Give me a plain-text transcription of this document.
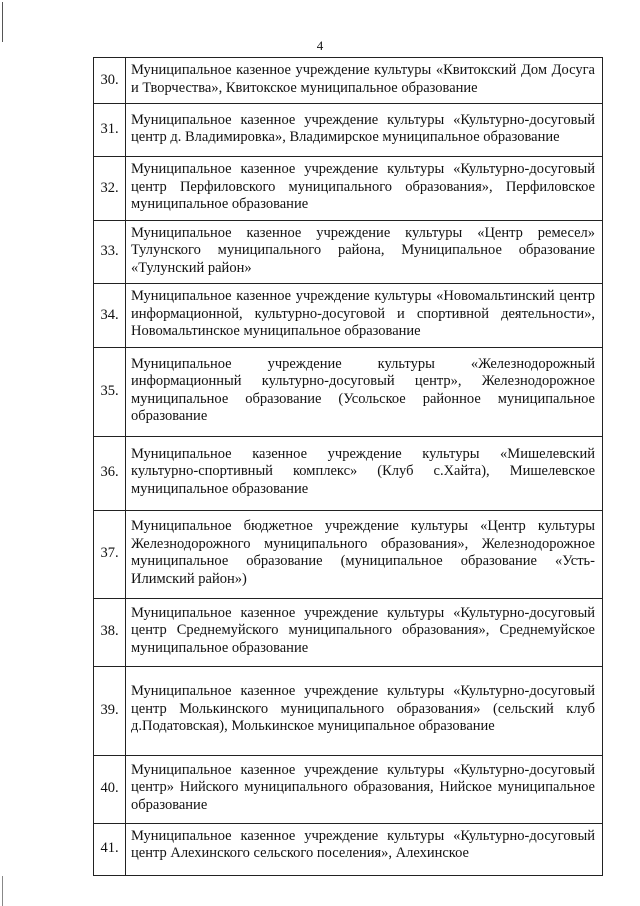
4
30.	Муниципальное казенное учреждение культуры «Квитокский Дом Досуга и Творчества», Квитокское муниципальное образование
31.	Муниципальное казенное учреждение культуры «Культурно-досуговый центр д. Владимировка», Владимирское муниципальное образование
32.	Муниципальное казенное учреждение культуры «Культурно-досуговый центр Перфиловского муниципального образования», Перфиловское муниципальное образование
33.	Муниципальное казенное учреждение культуры «Центр ремесел» Тулунского муниципального района, Муниципальное образование «Тулунский район»
34.	Муниципальное казенное учреждение культуры «Новомальтинский центр информационной, культурно-досуговой и спортивной деятельности», Новомальтинское муниципальное образование
35.	Муниципальное учреждение культуры «Железнодорожный информационный культурно-досуговый центр», Железнодорожное муниципальное образование (Усольское районное муниципальное образование
36.	Муниципальное казенное учреждение культуры «Мишелевский культурно-спортивный комплекс» (Клуб с.Хайта), Мишелевское муниципальное образование
37.	Муниципальное бюджетное учреждение культуры «Центр культуры Железнодорожного муниципального образования», Железнодорожное муниципальное образование (муниципальное образование «Усть-Илимский район»)
38.	Муниципальное казенное учреждение культуры «Культурно-досуговый центр Среднемуйского муниципального образования», Среднемуйское муниципальное образование
39.	Муниципальное казенное учреждение культуры «Культурно-досуговый центр Молькинского муниципального образования» (сельский клуб д.Податовская), Молькинское муниципальное образование
40.	Муниципальное казенное учреждение культуры «Культурно-досуговый центр» Нийского муниципального образования, Нийское муниципальное образование
41.	Муниципальное казенное учреждение культуры «Культурно-досуговый центр Алехинского сельского поселения», Алехинское
